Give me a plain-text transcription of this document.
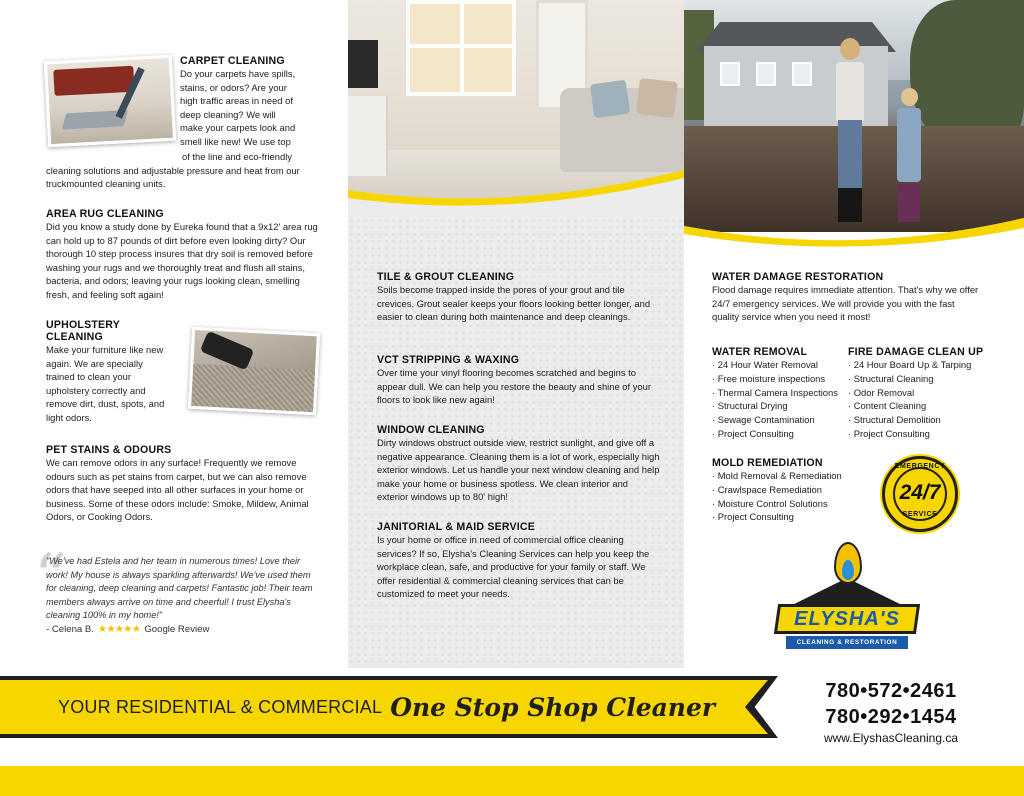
CARPET CLEANING

Do your carpets have spills,

stains, or odors? Are your

high traffic areas in need of

deep cleaning? We will

make your carpets look and

smell like new! We use top

of the line and eco-friendly

cleaning solutions and adjustable pressure and heat from our truckmounted cleaning units.

AREA RUG CLEANING

Did you know a study done by Eureka found that a 9x12' area rug can hold up to 87 pounds of dirt before even looking dirty? Our thorough 10 step process insures that dry soil is removed before washing your rugs and we thoroughly treat and flush all stains, bacteria, and odors; leaving your rugs looking clean, smelling fresh, and feeling soft again!

UPHOLSTERY
CLEANING

Make your furniture like new

again. We are specially

trained to clean your

upholstery correctly and

remove dirt, dust, spots, and

light odors.

PET STAINS & ODOURS

We can remove odors in any surface! Frequently we remove odours such as pet stains from carpet, but we can also remove odors that have seeped into all other surfaces in your home or business. Some of these odors include: Smoke, Mildew, Animal Odors, or Cooking Odors.

“
"We've had Estela and her team in numerous times! Love their work! My house is always sparkling afterwards! We've used them for cleaning, deep cleaning and carpets! Fantastic job! Their team members always arrive on time and cheerful! I trust Elysha's cleaning 100% in my home!"
- Celena B. ★★★★★ Google Review
TILE & GROUT CLEANING

Soils become trapped inside the pores of your grout and tile crevices. Grout sealer keeps your floors looking better longer, and easier to clean during both maintenance and deep cleanings.

VCT STRIPPING & WAXING

Over time your vinyl flooring becomes scratched and begins to appear dull. We can help you restore the beauty and shine of your floors to look like new again!

WINDOW CLEANING

Dirty windows obstruct outside view, restrict sunlight, and give off a negative appearance. Cleaning them is a lot of work, especially high exterior windows. Let us handle your next window cleaning and help make your home or business spotless. We clean interior and exterior windows up to 80' high!

JANITORIAL & MAID SERVICE

Is your home or office in need of commercial office cleaning services? If so, Elysha's Cleaning Services can help you keep the workplace clean, safe, and productive for your family or staff. We offer residential & commercial cleaning services that can be customized to meet your needs.

WATER DAMAGE RESTORATION

Flood damage requires immediate attention. That's why we offer 24/7 emergency services. We will provide you with the fast quality service when you need it most!

WATER REMOVAL
· 24 Hour Water Removal
· Free moisture inspections
· Thermal Camera Inspections
· Structural Drying
· Sewage Contamination
· Project Consulting
FIRE DAMAGE CLEAN UP
· 24 Hour Board Up & Tarping
· Structural Cleaning
· Odor Removal
· Content Cleaning
· Structural Demolition
· Project Consulting
MOLD REMEDIATION
· Mold Removal & Remediation
· Crawlspace Remediation
· Moisture Control Solutions
· Project Consulting
EMERGENCY
24/7
SERVICE
ELYSHA'S
CLEANING & RESTORATION
YOUR RESIDENTIAL & COMMERCIAL One Stop Shop Cleaner
780•572•2461
780•292•1454
www.ElyshasCleaning.ca
